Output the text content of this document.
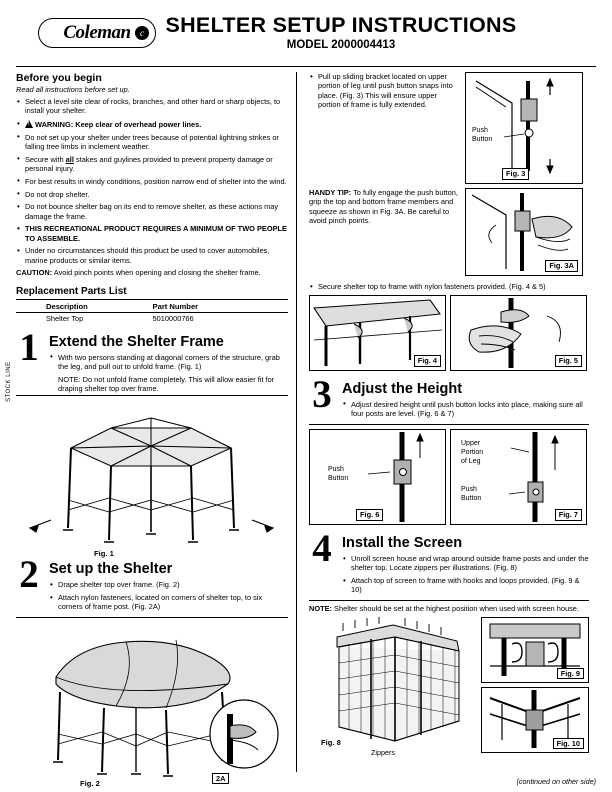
Coleman	c SHELTER SETUP INSTRUCTIONS
MODEL 2000004413
STOCK LINE
Before you begin
Read all instructions before set up.
• Select a level site clear of rocks, branches, and other hard or sharp objects, to install your shelter.
!• WARNING: Keep clear of overhead power lines.
• Do not set up your shelter under trees because of potential lightning strikes or falling tree limbs in inclement weather.
• Secure with all stakes and guylines provided to prevent property damage or personal injury.
• For best results in windy conditions, position narrow end of shelter into the wind.
• Do not drop shelter.
• Do not bounce shelter bag on its end to remove shelter, as these actions may damage the frame.
• THIS RECREATIONAL PRODUCT REQUIRES A MINIMUM OF TWO PEOPLE TO ASSEMBLE.
• Under no circumstances should this product be used to cover automobiles, marine products or similar items.
CAUTION: Avoid pinch points when opening and closing the shelter frame.
Replacement Parts List
Description	Part Number
Shelter Top	5010000766
1 Extend the Shelter Frame
• With two persons standing at diagonal corners of the structure, grab the leg, and pull out to unfold frame. (Fig. 1)
NOTE: Do not unfold frame completely. This will allow easier fit for draping shelter top over frame.
Fig. 1
2 Set up the Shelter
• Drape shelter top over frame. (Fig. 2)
• Attach nylon fasteners, located on corners of shelter top, to six corners of frame post. (Fig. 2A)
2A
Fig. 2
• Pull up sliding bracket located on upper portion of leg until push button snaps into place. (Fig. 3) This will ensure upper portion of frame is fully extended.
Push
Button
Fig. 3
HANDY TIP: To fully engage the push button, grip the top and bottom frame members and squeeze as shown in Fig. 3A. Be careful to avoid pinch points.
Fig. 3A
• Secure shelter top to frame with nylon fasteners provided. (Fig. 4 & 5)
Fig. 4	Fig. 5
3 Adjust the Height
• Adjust desired height until push button locks into place, making sure all four posts are level. (Fig. 6 & 7)
Push
Button
Fig. 6
Upper
Portion
of Leg
Push
Button
Fig. 7
4 Install the Screen
• Unroll screen house and wrap around outside frame posts and under the shelter top. Locate zippers per illustrations. (Fig. 8)
• Attach top of screen to frame with hooks and loops provided. (Fig. 9 & 10)
NOTE: Shelter should be set at the highest position when used with screen house.
Fig. 8
Zippers
Fig. 9
Fig. 10
(continued on other side)
